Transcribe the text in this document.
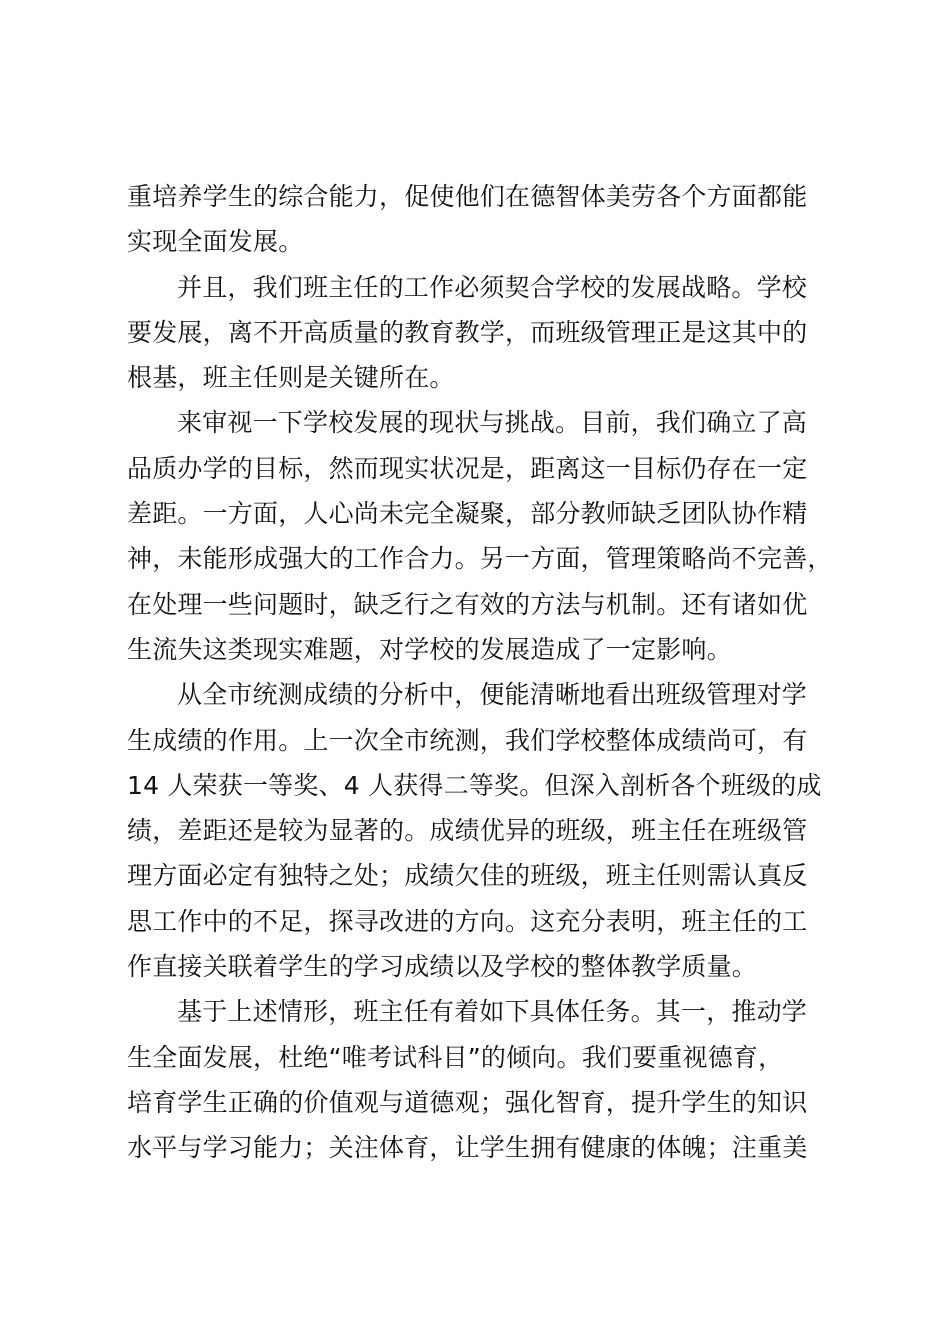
重培养学生的综合能力，促使他们在德智体美劳各个方面都能
实现全面发展。
并且，我们班主任的工作必须契合学校的发展战略。学校
要发展，离不开高质量的教育教学，而班级管理正是这其中的
根基，班主任则是关键所在。
来审视一下学校发展的现状与挑战。目前，我们确立了高
品质办学的目标，然而现实状况是，距离这一目标仍存在一定
差距。一方面，人心尚未完全凝聚，部分教师缺乏团队协作精
神，未能形成强大的工作合力。另一方面，管理策略尚不完善，
在处理一些问题时，缺乏行之有效的方法与机制。还有诸如优
生流失这类现实难题，对学校的发展造成了一定影响。
从全市统测成绩的分析中，便能清晰地看出班级管理对学
生成绩的作用。上一次全市统测，我们学校整体成绩尚可，有
14 人荣获一等奖、4 人获得二等奖。但深入剖析各个班级的成
绩，差距还是较为显著的。成绩优异的班级，班主任在班级管
理方面必定有独特之处；成绩欠佳的班级，班主任则需认真反
思工作中的不足，探寻改进的方向。这充分表明，班主任的工
作直接关联着学生的学习成绩以及学校的整体教学质量。
基于上述情形，班主任有着如下具体任务。其一，推动学
生全面发展，杜绝“唯考试科目”的倾向。我们要重视德育，
培育学生正确的价值观与道德观；强化智育，提升学生的知识
水平与学习能力；关注体育，让学生拥有健康的体魄；注重美
